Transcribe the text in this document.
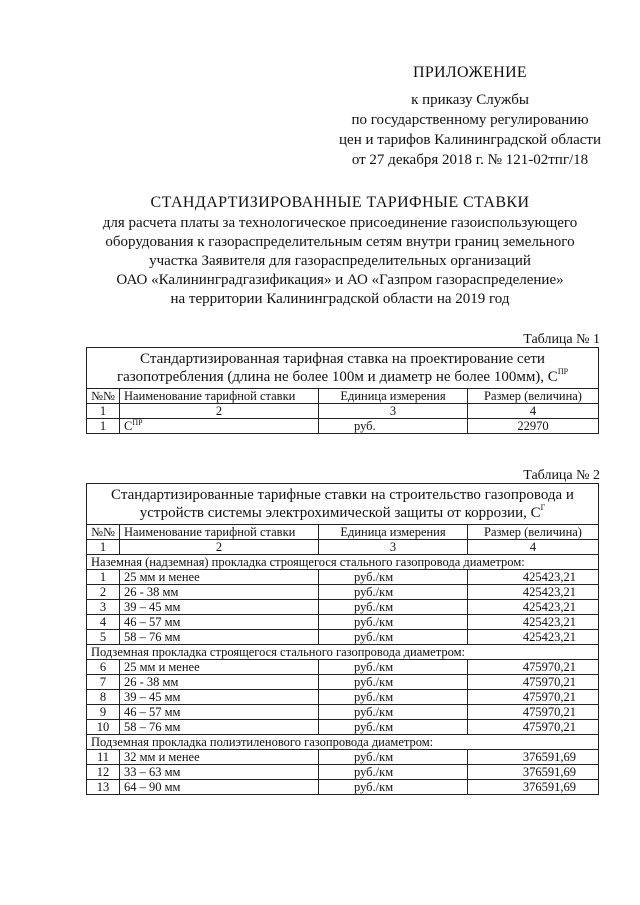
ПРИЛОЖЕНИЕ
к приказу Службы
по государственному регулированию
цен и тарифов Калининградской области
от 27 декабря 2018 г. № 121-02тпг/18
СТАНДАРТИЗИРОВАННЫЕ ТАРИФНЫЕ СТАВКИ
для расчета платы за технологическое присоединение газоиспользующего
оборудования к газораспределительным сетям внутри границ земельного
участка Заявителя для газораспределительных организаций
ОАО «Калининградгазификация» и АО «Газпром газораспределение»
на территории Калининградской области на 2019 год
Таблица № 1
Стандартизированная тарифная ставка на проектирование сети газопотребления (длина не более 100м и диаметр не более 100мм), $С^{ПР}$
№№	Наименование тарифной ставки	Единица измерения	Размер (величина)
1	2	3	4
1	$С^{ПР}$	руб.	22970
Таблица № 2
Стандартизированные тарифные ставки на строительство газопровода и устройств системы электрохимической защиты от коррозии, $С^Г$
№№	Наименование тарифной ставки	Единица измерения	Размер (величина)
1	2	3	4
Наземная (надземная) прокладка строящегося стального газопровода диаметром:			
1	25 мм и менее	руб./км	425423,21
2	26 - 38 мм	руб./км	425423,21
3	39 – 45 мм	руб./км	425423,21
4	46 – 57 мм	руб./км	425423,21
5	58 – 76 мм	руб./км	425423,21
Подземная прокладка строящегося стального газопровода диаметром:			
6	25 мм и менее	руб./км	475970,21
7	26 - 38 мм	руб./км	475970,21
8	39 – 45 мм	руб./км	475970,21
9	46 – 57 мм	руб./км	475970,21
10	58 – 76 мм	руб./км	475970,21
Подземная прокладка полиэтиленового газопровода диаметром:			
11	32 мм и менее	руб./км	376591,69
12	33 – 63 мм	руб./км	376591,69
13	64 – 90 мм	руб./км	376591,69
